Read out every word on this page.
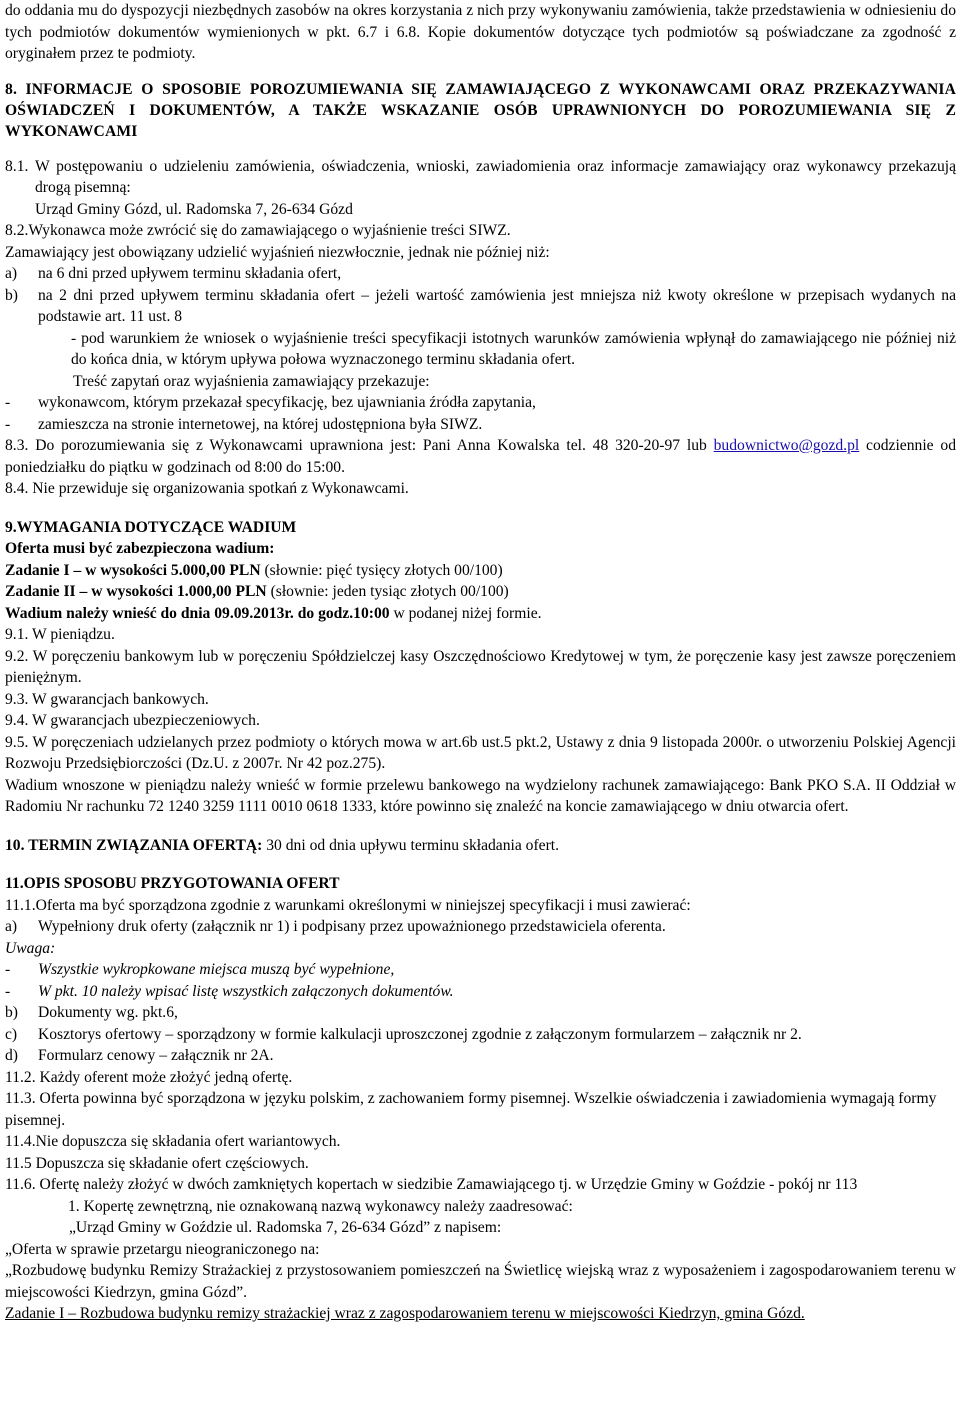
do oddania mu do dyspozycji niezbędnych zasobów na okres korzystania z nich przy wykonywaniu zamówienia, także przedstawienia w odniesieniu do tych podmiotów dokumentów wymienionych w pkt. 6.7 i 6.8. Kopie dokumentów dotyczące tych podmiotów są poświadczane za zgodność z oryginałem przez te podmioty.

8. INFORMACJE O SPOSOBIE POROZUMIEWANIA SIĘ ZAMAWIAJĄCEGO Z WYKONAWCAMI ORAZ PRZEKAZYWANIA OŚWIADCZEŃ I DOKUMENTÓW, A TAKŻE WSKAZANIE OSÓB UPRAWNIONYCH DO POROZUMIEWANIA SIĘ Z WYKONAWCAMI

8.1. W postępowaniu o udzieleniu zamówienia, oświadczenia, wnioski, zawiadomienia oraz informacje zamawiający oraz wykonawcy przekazują drogą pisemną:

Urząd Gminy Gózd, ul. Radomska 7, 26-634 Gózd

8.2.Wykonawca może zwrócić się do zamawiającego o wyjaśnienie treści SIWZ.

Zamawiający jest obowiązany udzielić wyjaśnień niezwłocznie, jednak nie później niż:

a)	na 6 dni przed upływem terminu składania ofert,
b)	na 2 dni przed upływem terminu składania ofert – jeżeli wartość zamówienia jest mniejsza niż kwoty określone w przepisach wydanych na podstawie art. 11 ust. 8

- pod warunkiem że wniosek o wyjaśnienie treści specyfikacji istotnych warunków zamówienia wpłynął do zamawiającego nie później niż do końca dnia, w którym upływa połowa wyznaczonego terminu składania ofert.

Treść zapytań oraz wyjaśnienia zamawiający przekazuje:

-	wykonawcom, którym przekazał specyfikację, bez ujawniania źródła zapytania,
-	zamieszcza na stronie internetowej, na której udostępniona była SIWZ.

8.3. Do porozumiewania się z Wykonawcami uprawniona jest: Pani Anna Kowalska tel. 48 320-20-97 lub budownictwo@gozd.pl codziennie od poniedziałku do piątku w godzinach od 8:00 do 15:00.

8.4. Nie przewiduje się organizowania spotkań z Wykonawcami.

9.WYMAGANIA DOTYCZĄCE WADIUM

Oferta musi być zabezpieczona wadium:

Zadanie I – w wysokości 5.000,00 PLN (słownie: pięć tysięcy złotych 00/100)

Zadanie II – w wysokości 1.000,00 PLN (słownie: jeden tysiąc złotych 00/100)

Wadium należy wnieść do dnia 09.09.2013r. do godz.10:00 w podanej niżej formie.

9.1. W pieniądzu.

9.2. W poręczeniu bankowym lub w poręczeniu Spółdzielczej kasy Oszczędnościowo Kredytowej w tym, że poręczenie kasy jest zawsze poręczeniem pieniężnym.

9.3. W gwarancjach bankowych.

9.4. W gwarancjach ubezpieczeniowych.

9.5. W poręczeniach udzielanych przez podmioty o których mowa w art.6b ust.5 pkt.2, Ustawy z dnia 9 listopada 2000r. o utworzeniu Polskiej Agencji Rozwoju Przedsiębiorczości (Dz.U. z 2007r. Nr 42 poz.275).

Wadium wnoszone w pieniądzu należy wnieść w formie przelewu bankowego na wydzielony rachunek zamawiającego: Bank PKO S.A. II Oddział w Radomiu Nr rachunku 72 1240 3259 1111 0010 0618 1333, które powinno się znaleźć na koncie zamawiającego w dniu otwarcia ofert.

10. TERMIN ZWIĄZANIA OFERTĄ: 30 dni od dnia upływu terminu składania ofert.

11.OPIS SPOSOBU PRZYGOTOWANIA OFERT

11.1.Oferta ma być sporządzona zgodnie z warunkami określonymi w niniejszej specyfikacji i musi zawierać:

a)	Wypełniony druk oferty (załącznik nr 1) i podpisany przez upoważnionego przedstawiciela oferenta.

Uwaga:

-	Wszystkie wykropkowane miejsca muszą być wypełnione,
-	W pkt. 10 należy wpisać listę wszystkich załączonych dokumentów.
b)	Dokumenty wg. pkt.6,
c)	Kosztorys ofertowy – sporządzony w formie kalkulacji uproszczonej zgodnie z załączonym formularzem – załącznik nr 2.
d)	Formularz cenowy – załącznik nr 2A.

11.2. Każdy oferent może złożyć jedną ofertę.

11.3. Oferta powinna być sporządzona w języku polskim, z zachowaniem formy pisemnej. Wszelkie oświadczenia i zawiadomienia wymagają formy pisemnej.

11.4.Nie dopuszcza się składania ofert wariantowych.

11.5 Dopuszcza się składanie ofert częściowych.

11.6. Ofertę należy złożyć w dwóch zamkniętych kopertach w siedzibie Zamawiającego tj. w Urzędzie Gminy w Goździe - pokój nr 113

1. Kopertę zewnętrzną, nie oznakowaną nazwą wykonawcy należy zaadresować:

„Urząd Gminy w Goździe ul. Radomska 7, 26-634 Gózd” z napisem:

„Oferta w sprawie przetargu nieograniczonego na:

„Rozbudowę budynku Remizy Strażackiej z przystosowaniem pomieszczeń na Świetlicę wiejską wraz z wyposażeniem i zagospodarowaniem terenu w miejscowości Kiedrzyn, gmina Gózd”.

Zadanie I – Rozbudowa budynku remizy strażackiej wraz z zagospodarowaniem terenu w miejscowości Kiedrzyn, gmina Gózd.
